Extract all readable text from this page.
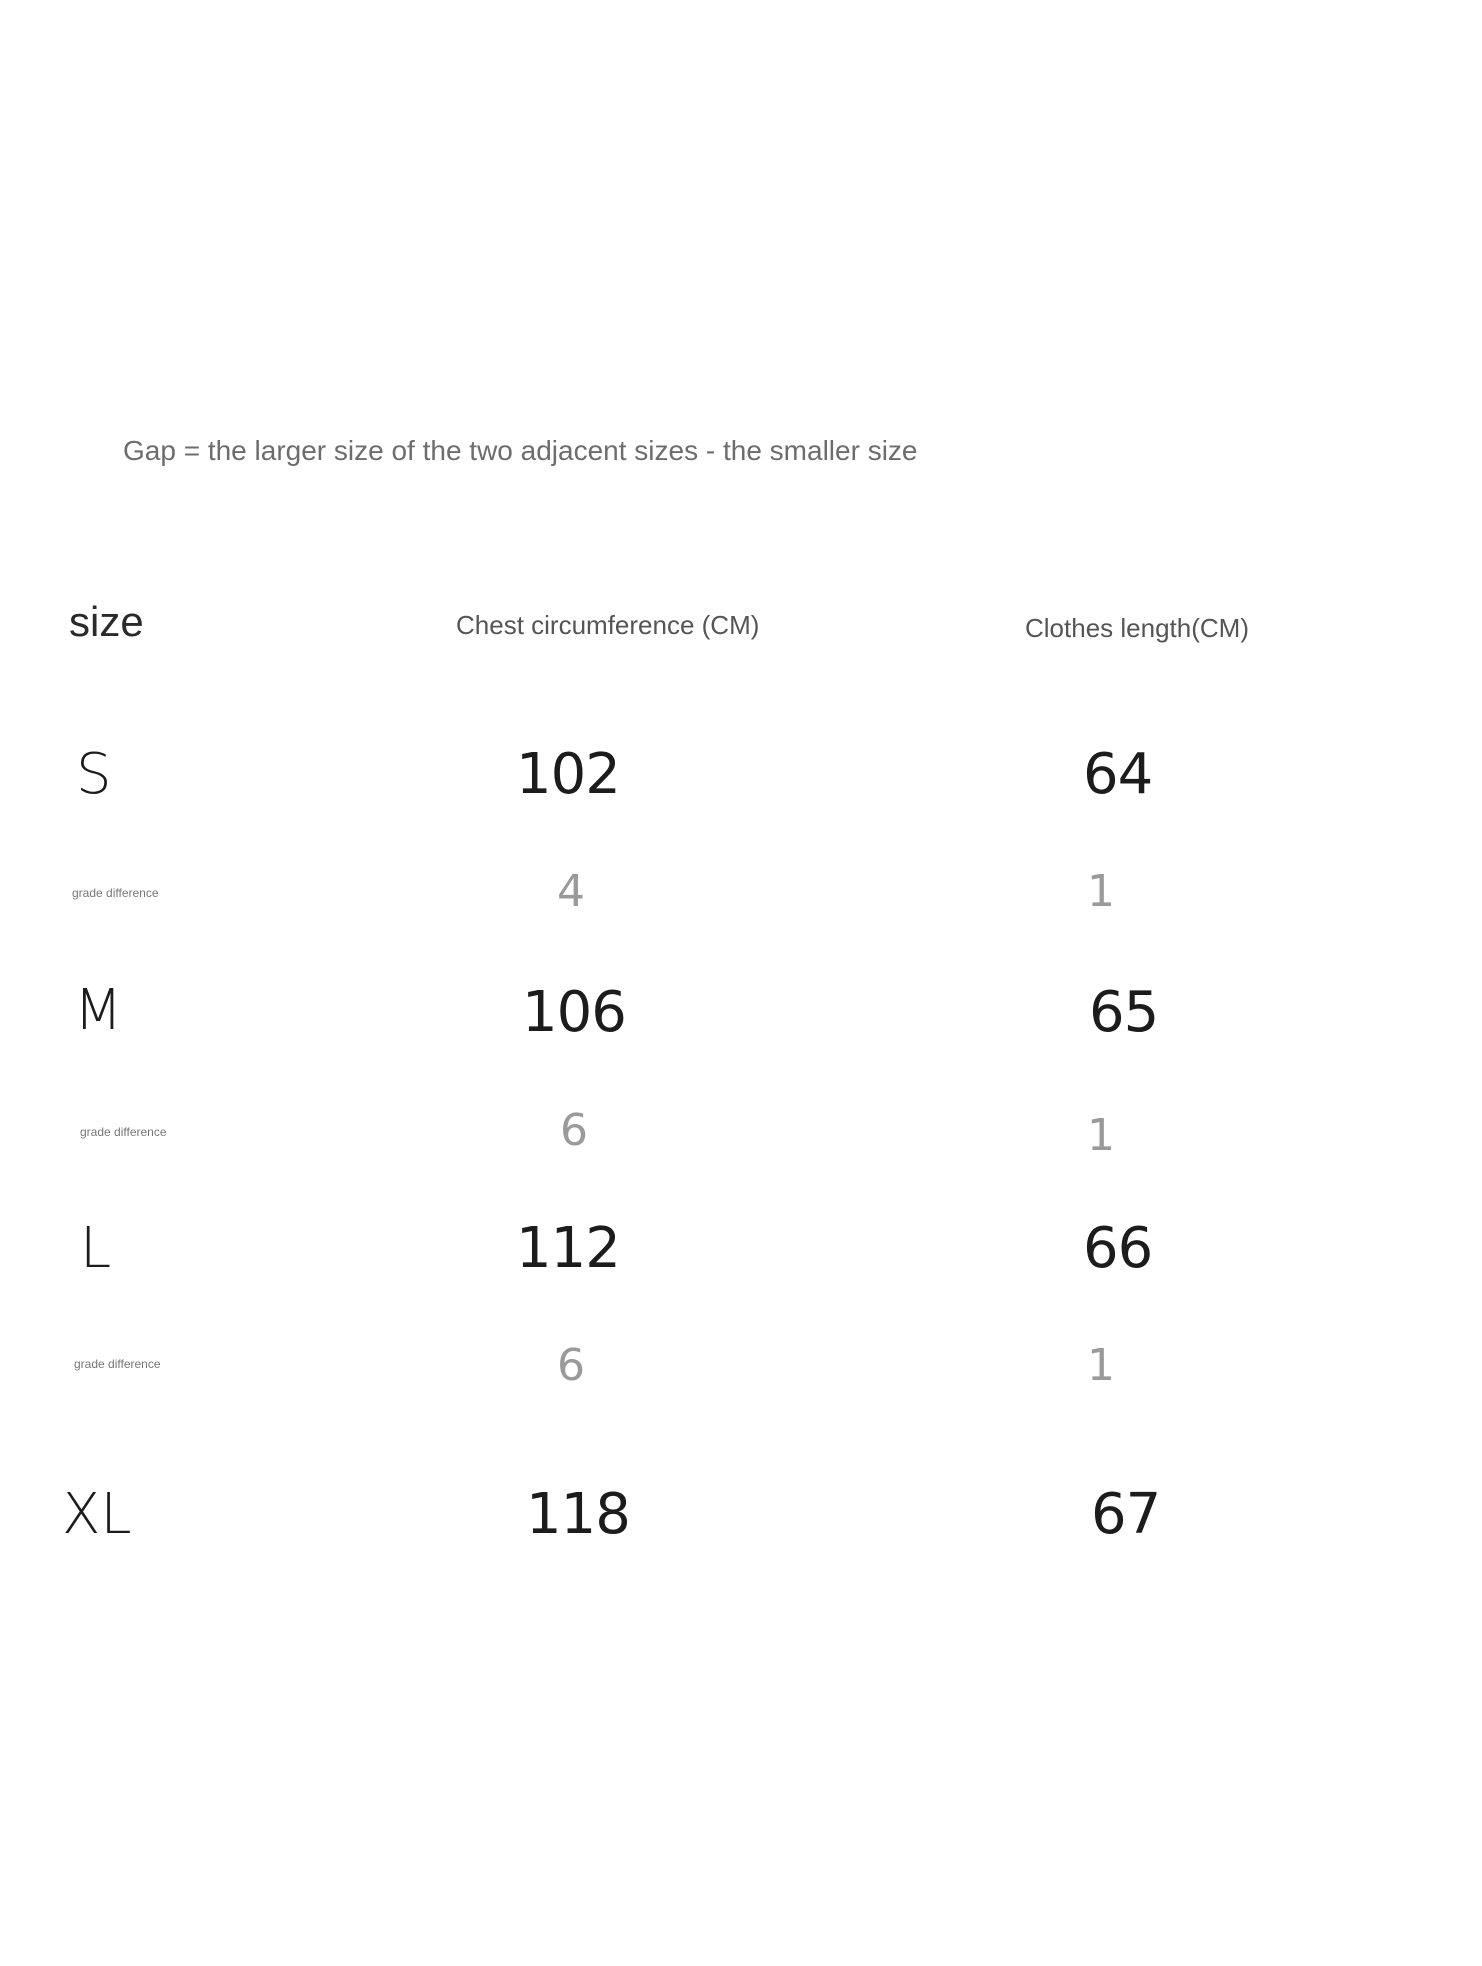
Gap = the larger size of the two adjacent sizes - the smaller size
size	Chest circumference (CM)	Clothes length(CM)
S	102	64
grade difference	4	1
M	106	65
grade difference	6	1
L	112	66
grade difference	6	1
XL	118	67
